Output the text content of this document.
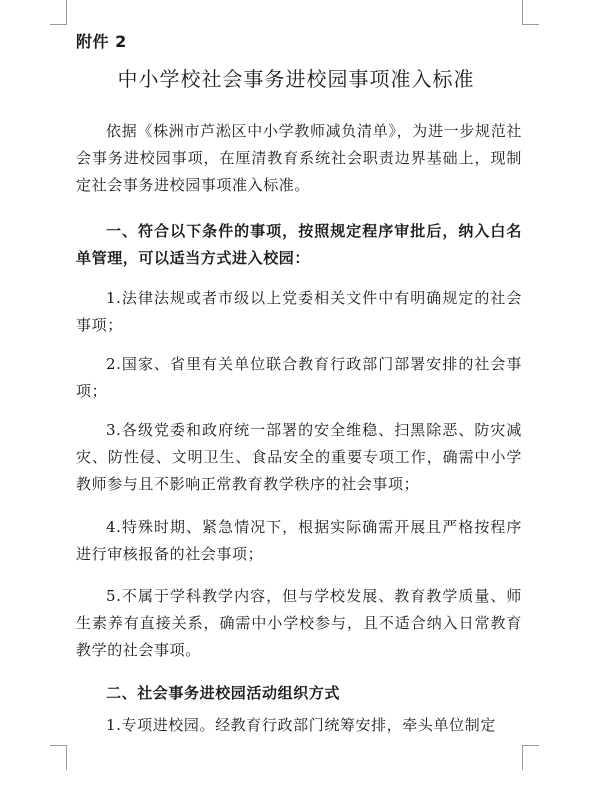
附件 2
中小学校社会事务进校园事项准入标准
依据《株洲市芦淞区中小学教师减负清单》，为进一步规范社会事务进校园事项，在厘清教育系统社会职责边界基础上，现制定社会事务进校园事项准入标准。
一、符合以下条件的事项，按照规定程序审批后，纳入白名单管理，可以适当方式进入校园：
1.法律法规或者市级以上党委相关文件中有明确规定的社会事项；
2.国家、省里有关单位联合教育行政部门部署安排的社会事项；
3.各级党委和政府统一部署的安全维稳、扫黑除恶、防灾减灾、防性侵、文明卫生、食品安全的重要专项工作，确需中小学教师参与且不影响正常教育教学秩序的社会事项；
4.特殊时期、紧急情况下，根据实际确需开展且严格按程序进行审核报备的社会事项；
5.不属于学科教学内容，但与学校发展、教育教学质量、师生素养有直接关系，确需中小学校参与，且不适合纳入日常教育教学的社会事项。
二、社会事务进校园活动组织方式
1.专项进校园。经教育行政部门统筹安排，牵头单位制定
